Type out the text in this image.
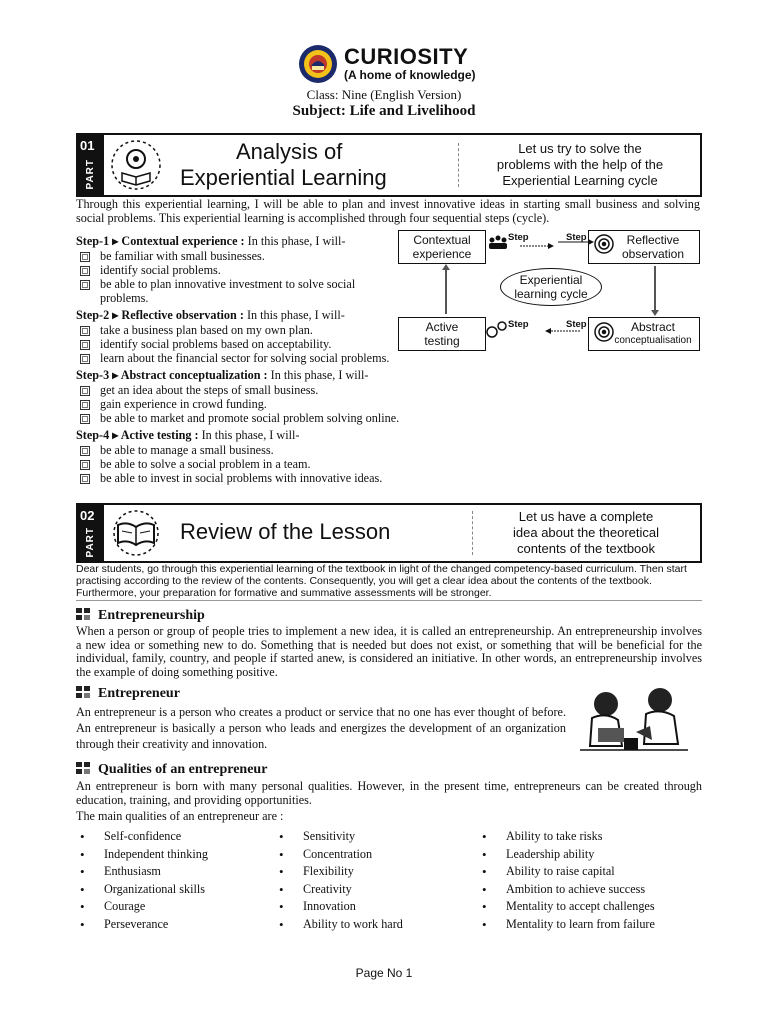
CURIOSITY
(A home of knowledge)
Class: Nine (English Version)
Subject: Life and Livelihood
01
PART
Analysis of
Experiential Learning
Let us try to solve the
problems with the help of the
Experiential Learning cycle
Through this experiential learning, I will be able to plan and invest innovative ideas in starting small business and solving social problems. This experiential learning is accomplished through four sequential steps (cycle).
Step-1 ▸ Contextual experience : In this phase, I will-
be familiar with small businesses.
identify social problems.
be able to plan innovative investment to solve social problems.
Step-2 ▸ Reflective observation : In this phase, I will-
take a business plan based on my own plan.
identify social problems based on acceptability.
learn about the financial sector for solving social problems.
Step-3 ▸ Abstract conceptualization : In this phase, I will-
get an idea about the steps of small business.
gain experience in crowd funding.
be able to market and promote social problem solving online.
Step-4 ▸ Active testing : In this phase, I will-
be able to manage a small business.
be able to solve a social problem in a team.
be able to invest in social problems with innovative ideas.
Contextual
experience
Reflective
observation
Active
testing
Abstract
conceptualisation
Experiential
learning cycle
Step	Step
Step	Step
02
PART	Review of the Lesson
Let us have a complete
idea about the theoretical
contents of the textbook
Dear students, go through this experiential learning of the textbook in light of the changed competency-based curriculum. Then start practising according to the review of the contents. Consequently, you will get a clear idea about the contents of the textbook. Furthermore, your preparation for formative and summative assessments will be stronger.
Entrepreneurship
When a person or group of people tries to implement a new idea, it is called an entrepreneurship. An entrepreneurship involves a new idea or something new to do. Something that is needed but does not exist, or something that will be beneficial for the individual, family, country, and people if started anew, is considered an initiative. In other words, an entrepreneurship involves the example of doing something positive.
Entrepreneur
An entrepreneur is a person who creates a product or service that no one has ever thought of before. An entrepreneur is basically a person who leads and energizes the development of an organization through their creativity and innovation.
Qualities of an entrepreneur
An entrepreneur is born with many personal qualities. However, in the present time, entrepreneurs can be created through education, training, and providing opportunities.
The main qualities of an entrepreneur are :
• Self-confidence
• Independent thinking
• Enthusiasm
• Organizational skills
• Courage
• Perseverance
• Sensitivity
• Concentration
• Flexibility
• Creativity
• Innovation
• Ability to work hard
• Ability to take risks
• Leadership ability
• Ability to raise capital
• Ambition to achieve success
• Mentality to accept challenges
• Mentality to learn from failure
Page No 1
